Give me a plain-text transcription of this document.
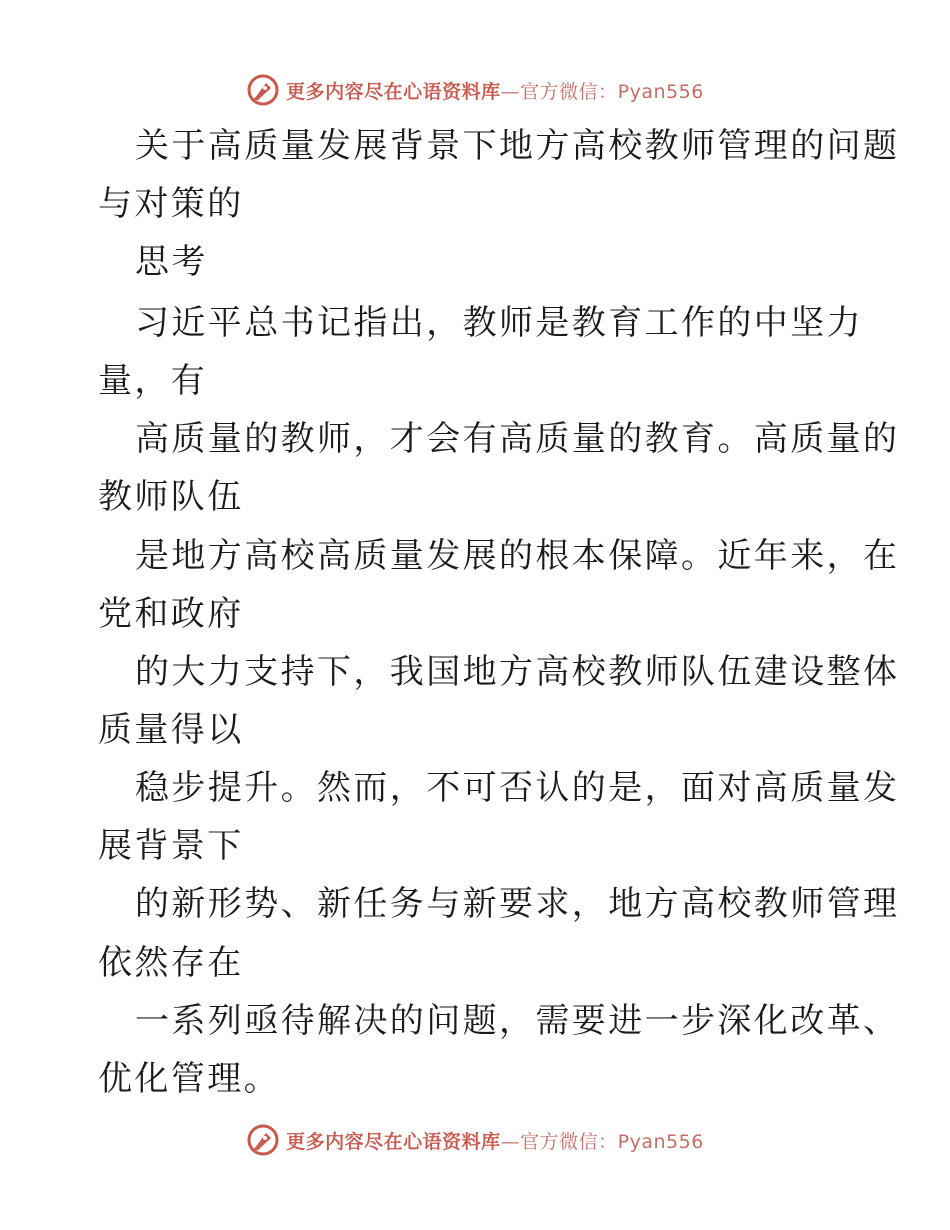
更多内容尽在心语资料库—官方微信：Pyan556
关于高质量发展背景下地方高校教师管理的问题
与对策的
思考
习近平总书记指出，教师是教育工作的中坚力
量，有
高质量的教师，才会有高质量的教育。高质量的
教师队伍
是地方高校高质量发展的根本保障。近年来，在
党和政府
的大力支持下，我国地方高校教师队伍建设整体
质量得以
稳步提升。然而，不可否认的是，面对高质量发
展背景下
的新形势、新任务与新要求，地方高校教师管理
依然存在
一系列亟待解决的问题，需要进一步深化改革、
优化管理。
更多内容尽在心语资料库—官方微信：Pyan556
